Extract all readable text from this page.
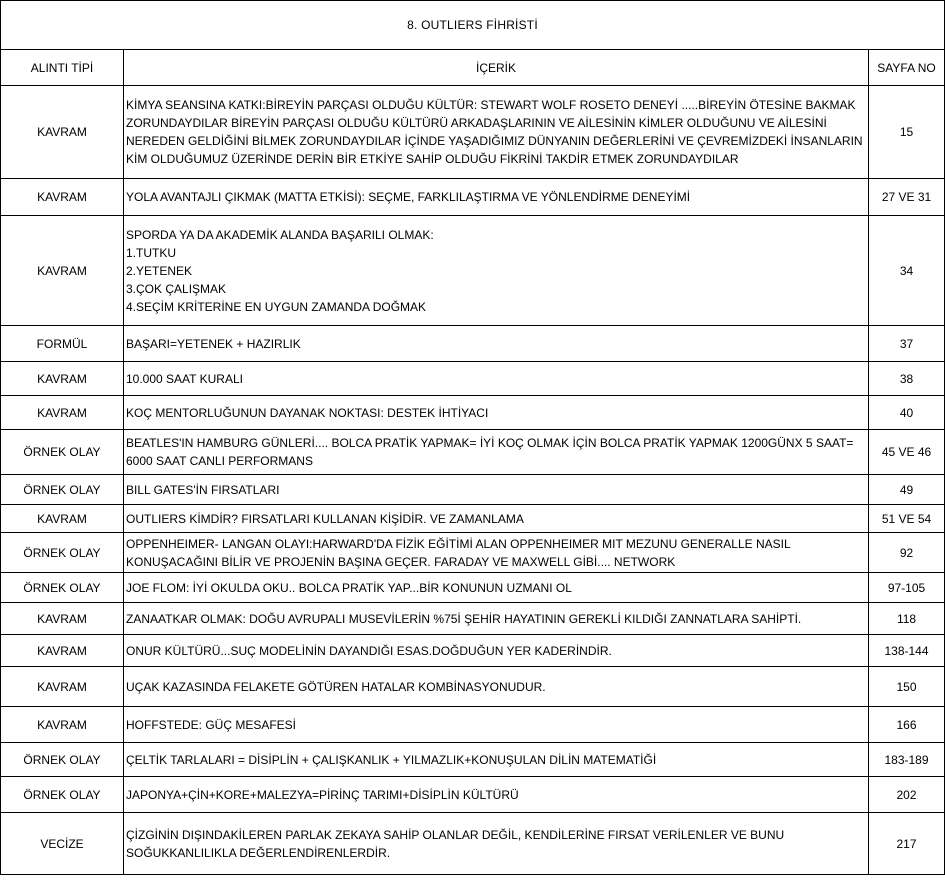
8. OUTLIERS FİHRİSTİ		
ALINTI TİPİ	İÇERİK	SAYFA NO
KAVRAM	KİMYA SEANSINA KATKI:BİREYİN PARÇASI OLDUĞU KÜLTÜR: STEWART WOLF ROSETO DENEYİ .....BİREYİN ÖTESİNE BAKMAK ZORUNDAYDILAR BİREYİN PARÇASI OLDUĞU KÜLTÜRÜ ARKADAŞLARININ VE AİLESİNİN KİMLER OLDUĞUNU VE AİLESİNİ NEREDEN GELDİĞİNİ BİLMEK ZORUNDAYDILAR İÇİNDE YAŞADIĞIMIZ DÜNYANIN DEĞERLERİNİ VE ÇEVREMİZDEKİ İNSANLARIN KİM OLDUĞUMUZ ÜZERİNDE DERİN BİR ETKİYE SAHİP OLDUĞU FİKRİNİ TAKDİR ETMEK ZORUNDAYDILAR	15
KAVRAM	YOLA AVANTAJLI ÇIKMAK (MATTA ETKİSİ): SEÇME, FARKLILAŞTIRMA VE YÖNLENDİRME DENEYİMİ	27 VE 31
KAVRAM	SPORDA YA DA AKADEMİK ALANDA BAŞARILI OLMAK:
1.TUTKU
2.YETENEK
3.ÇOK ÇALIŞMAK
4.SEÇİM KRİTERİNE EN UYGUN ZAMANDA DOĞMAK	34
FORMÜL	BAŞARI=YETENEK + HAZIRLIK	37
KAVRAM	10.000 SAAT KURALI	38
KAVRAM	KOÇ MENTORLUĞUNUN DAYANAK NOKTASI: DESTEK İHTİYACI	40
ÖRNEK OLAY	BEATLES'IN HAMBURG GÜNLERİ.... BOLCA PRATİK YAPMAK= İYİ KOÇ OLMAK İÇİN BOLCA PRATİK YAPMAK 1200GÜNX 5 SAAT= 6000 SAAT CANLI PERFORMANS	45 VE 46
ÖRNEK OLAY	BILL GATES'İN FIRSATLARI	49
KAVRAM	OUTLIERS KİMDİR? FIRSATLARI KULLANAN KİŞİDİR. VE ZAMANLAMA	51 VE 54
ÖRNEK OLAY	OPPENHEIMER- LANGAN OLAYI:HARWARD'DA FİZİK EĞİTİMİ ALAN OPPENHEIMER MIT MEZUNU GENERALLE NASIL KONUŞACAĞINI BİLİR VE PROJENİN BAŞINA GEÇER. FARADAY VE MAXWELL GİBİ.... NETWORK	92
ÖRNEK OLAY	JOE FLOM: İYİ OKULDA OKU.. BOLCA PRATİK YAP...BİR KONUNUN UZMANI OL	97-105
KAVRAM	ZANAATKAR OLMAK: DOĞU AVRUPALI MUSEVİLERİN %75İ ŞEHİR HAYATININ GEREKLİ KILDIĞI ZANNATLARA SAHİPTİ.	118
KAVRAM	ONUR KÜLTÜRÜ...SUÇ MODELİNİN DAYANDIĞI ESAS.DOĞDUĞUN YER KADERİNDİR.	138-144
KAVRAM	UÇAK KAZASINDA FELAKETE GÖTÜREN HATALAR KOMBİNASYONUDUR.	150
KAVRAM	HOFFSTEDE: GÜÇ MESAFESİ	166
ÖRNEK OLAY	ÇELTİK TARLALARI = DİSİPLİN + ÇALIŞKANLIK + YILMAZLIK+KONUŞULAN DİLİN MATEMATİĞİ	183-189
ÖRNEK OLAY	JAPONYA+ÇİN+KORE+MALEZYA=PİRİNÇ TARIMI+DİSİPLİN KÜLTÜRÜ	202
VECİZE	ÇİZGİNİN DIŞINDAKİLEREN PARLAK ZEKAYA SAHİP OLANLAR DEĞİL, KENDİLERİNE FIRSAT VERİLENLER VE BUNU SOĞUKKANLILIKLA DEĞERLENDİRENLERDİR.	217
